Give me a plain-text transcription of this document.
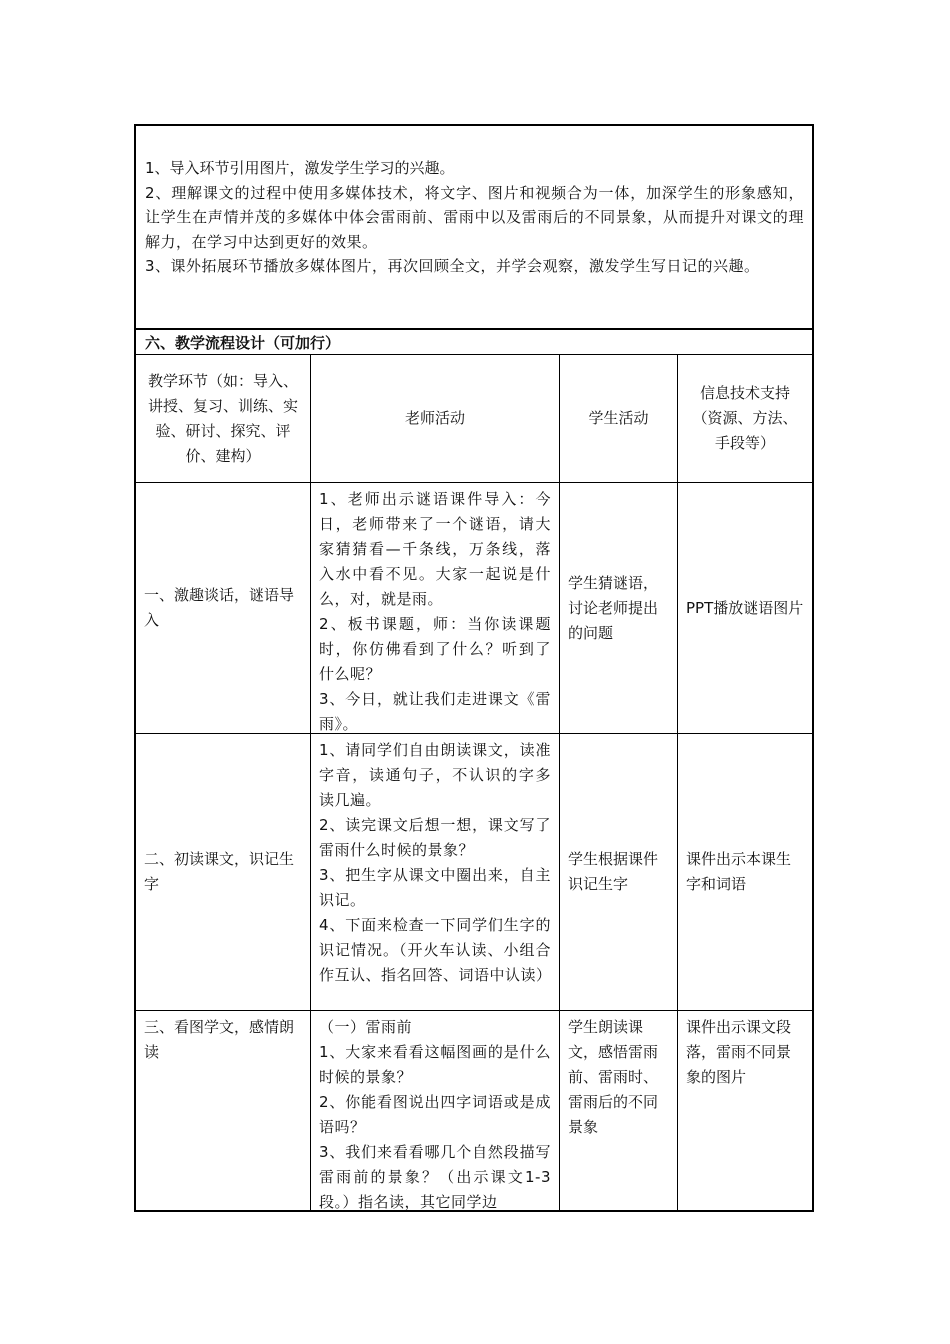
1、导入环节引用图片，激发学生学习的兴趣。

2、理解课文的过程中使用多媒体技术，将文字、图片和视频合为一体，加深学生的形象感知，让学生在声情并茂的多媒体中体会雷雨前、雷雨中以及雷雨后的不同景象，从而提升对课文的理解力，在学习中达到更好的效果。

3、课外拓展环节播放多媒体图片，再次回顾全文，并学会观察，激发学生写日记的兴趣。

六、教学流程设计（可加行）
教学环节（如：导入、讲授、复习、训练、实验、研讨、探究、评价、建构）
老师活动	学生活动
信息技术支持（资源、方法、手段等）
一、激趣谈话，谜语导入

1、老师出示谜语课件导入：今日，老师带来了一个谜语，请大家猜猜看—千条线，万条线，落入水中看不见。大家一起说是什么，对，就是雨。

2、板书课题，师：当你读课题时，你仿佛看到了什么？听到了什么呢？

3、今日，就让我们走进课文《雷雨》。

学生猜谜语，讨论老师提出的问题
PPT播放谜语图片
二、初读课文，识记生字

1、请同学们自由朗读课文，读准字音，读通句子，不认识的字多读几遍。

2、读完课文后想一想，课文写了雷雨什么时候的景象？

3、把生字从课文中圈出来，自主识记。

4、下面来检查一下同学们生字的识记情况。（开火车认读、小组合作互认、指名回答、词语中认读）

学生根据课件识记生字
课件出示本课生字和词语
三、看图学文，感情朗读

（一）雷雨前

1、大家来看看这幅图画的是什么时候的景象？

2、你能看图说出四字词语或是成语吗？

3、我们来看看哪几个自然段描写雷雨前的景象？（出示课文1-3段。）指名读，其它同学边

学生朗读课文，感悟雷雨前、雷雨时、雷雨后的不同景象
课件出示课文段落，雷雨不同景象的图片
